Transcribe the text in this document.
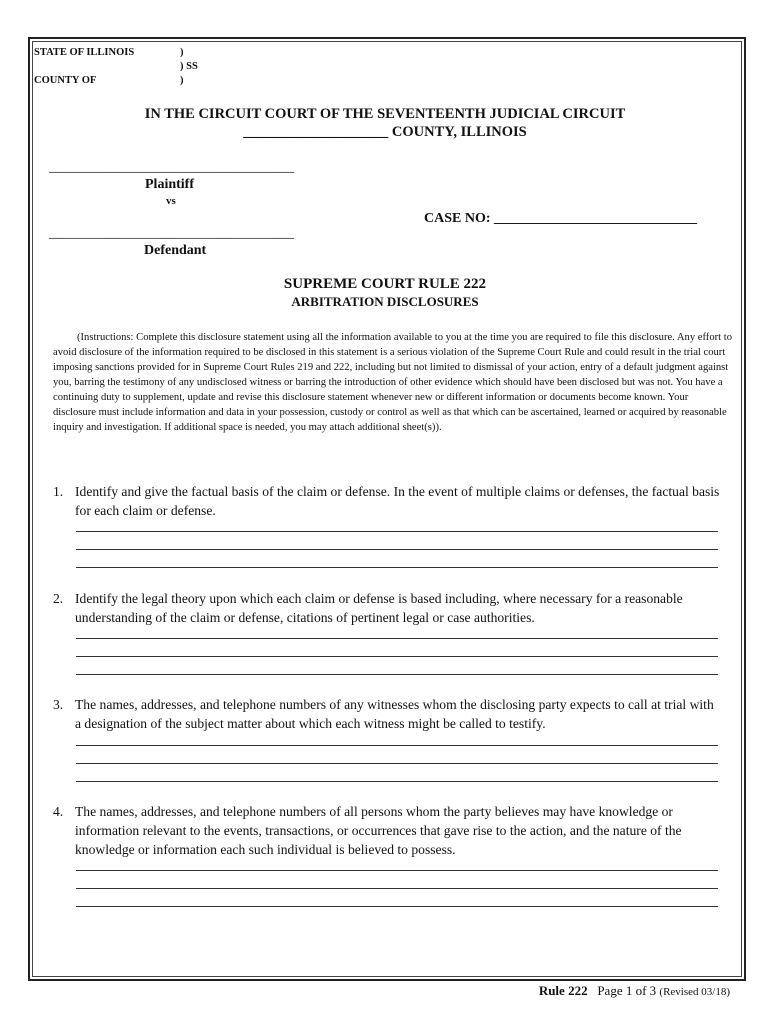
STATE OF ILLINOIS	)
) SS
COUNTY OF	)
IN THE CIRCUIT COURT OF THE SEVENTEENTH JUDICIAL CIRCUIT
____________________ COUNTY, ILLINOIS
___________________________________
Plaintiff
vs
CASE NO: _____________________________
___________________________________
Defendant
SUPREME COURT RULE 222
ARBITRATION DISCLOSURES
(Instructions: Complete this disclosure statement using all the information available to you at the time you are required to file this disclosure. Any effort to avoid disclosure of the information required to be disclosed in this statement is a serious violation of the Supreme Court Rule and could result in the trial court imposing sanctions provided for in Supreme Court Rules 219 and 222, including but not limited to dismissal of your action, entry of a default judgment against you, barring the testimony of any undisclosed witness or barring the introduction of other evidence which should have been disclosed but was not. You have a continuing duty to supplement, update and revise this disclosure statement whenever new or different information or documents become known. Your disclosure must include information and data in your possession, custody or control as well as that which can be ascertained, learned or acquired by reasonable inquiry and investigation. If additional space is needed, you may attach additional sheet(s)).
1. Identify and give the factual basis of the claim or defense. In the event of multiple claims or defenses, the factual basis for each claim or defense.
2. Identify the legal theory upon which each claim or defense is based including, where necessary for a reasonable understanding of the claim or defense, citations of pertinent legal or case authorities.
3. The names, addresses, and telephone numbers of any witnesses whom the disclosing party expects to call at trial with a designation of the subject matter about which each witness might be called to testify.
4. The names, addresses, and telephone numbers of all persons whom the party believes may have knowledge or information relevant to the events, transactions, or occurrences that gave rise to the action, and the nature of the knowledge or information each such individual is believed to possess.
Rule 222 Page 1 of 3 (Revised 03/18)
